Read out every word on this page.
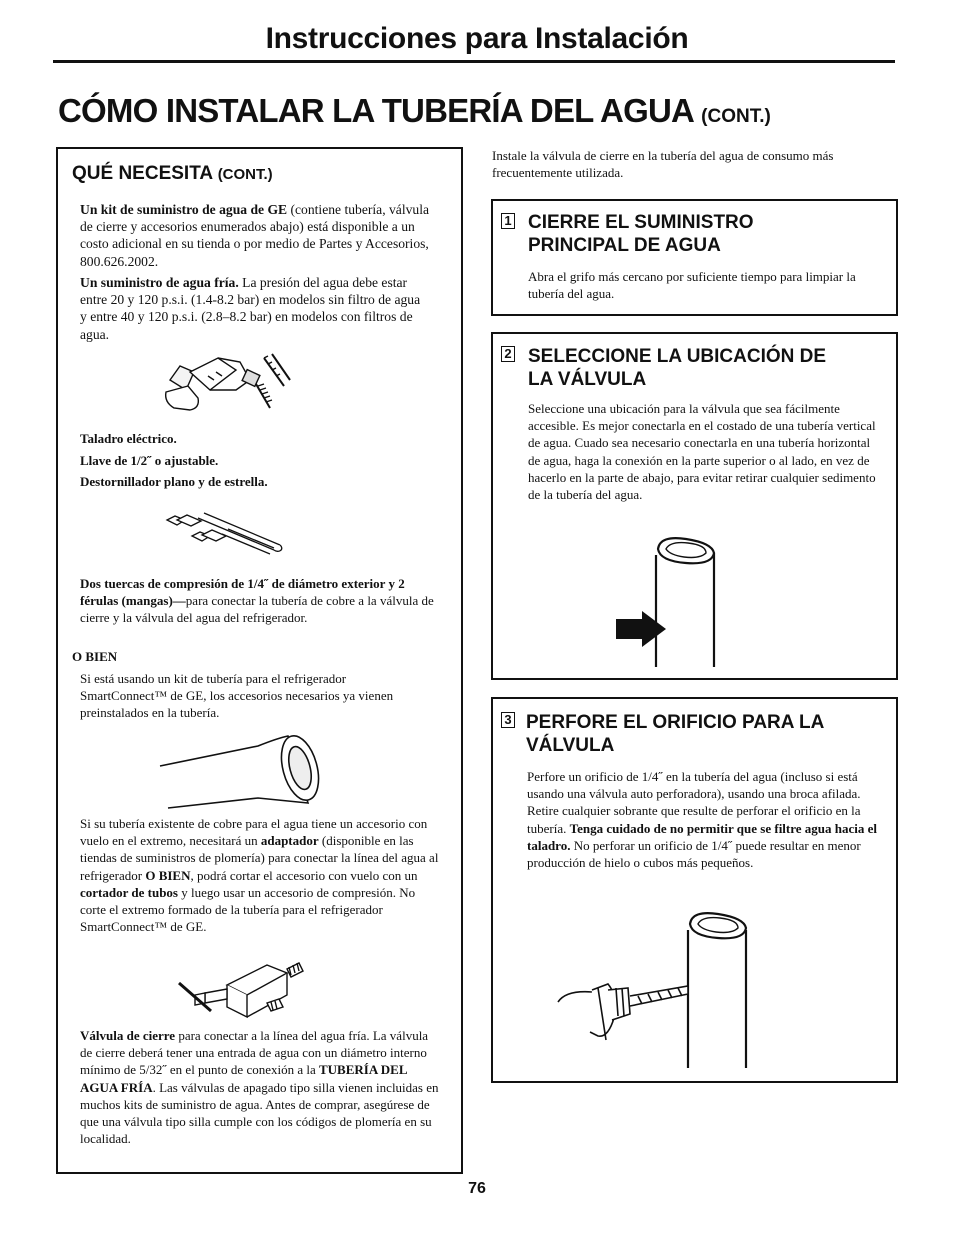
Instrucciones para Instalación
CÓMO INSTALAR LA TUBERÍA DEL AGUA (CONT.)
QUÉ NECESITA (CONT.)
Un kit de suministro de agua de GE (contiene tubería, válvula de cierre y accesorios enumerados abajo) está disponible a un costo adicional en su tienda o por medio de Partes y Accesorios, 800.626.2002.
Un suministro de agua fría. La presión del agua debe estar entre 20 y 120 p.s.i. (1.4-8.2 bar) en modelos sin filtro de agua y entre 40 y 120 p.s.i. (2.8–8.2 bar) en modelos con filtros de agua.
Taladro eléctrico.
Llave de 1/2˝ o ajustable.
Destornillador plano y de estrella.
Dos tuercas de compresión de 1/4˝ de diámetro exterior y 2 férulas (mangas)—para conectar la tubería de cobre a la válvula de cierre y la válvula del agua del refrigerador.
O BIEN
Si está usando un kit de tubería para el refrigerador SmartConnect™ de GE, los accesorios necesarios ya vienen preinstalados en la tubería.
Si su tubería existente de cobre para el agua tiene un accesorio con vuelo en el extremo, necesitará un adaptador (disponible en las tiendas de suministros de plomería) para conectar la línea del agua al refrigerador O BIEN, podrá cortar el accesorio con vuelo con un cortador de tubos y luego usar un accesorio de compresión. No corte el extremo formado de la tubería para el refrigerador SmartConnect™ de GE.
Válvula de cierre para conectar a la línea del agua fría. La válvula de cierre deberá tener una entrada de agua con un diámetro interno mínimo de 5/32˝ en el punto de conexión a la TUBERÍA DEL AGUA FRÍA. Las válvulas de apagado tipo silla vienen incluidas en muchos kits de suministro de agua. Antes de comprar, asegúrese de que una válvula tipo silla cumple con los códigos de plomería en su localidad.
Instale la válvula de cierre en la tubería del agua de consumo más frecuentemente utilizada.
1 CIERRE EL SUMINISTRO PRINCIPAL DE AGUA
Abra el grifo más cercano por suficiente tiempo para limpiar la tubería del agua.
2 SELECCIONE LA UBICACIÓN DE LA VÁLVULA
Seleccione una ubicación para la válvula que sea fácilmente accesible. Es mejor conectarla en el costado de una tubería vertical de agua. Cuado sea necesario conectarla en una tubería horizontal de agua, haga la conexión en la parte superior o al lado, en vez de hacerlo en la parte de abajo, para evitar retirar cualquier sedimento de la tubería del agua.
3 PERFORE EL ORIFICIO PARA LA VÁLVULA
Perfore un orificio de 1/4˝ en la tubería del agua (incluso si está usando una válvula auto perforadora), usando una broca afilada. Retire cualquier sobrante que resulte de perforar el orificio en la tubería. Tenga cuidado de no permitir que se filtre agua hacia el taladro. No perforar un orificio de 1/4˝ puede resultar en menor producción de hielo o cubos más pequeños.
76
